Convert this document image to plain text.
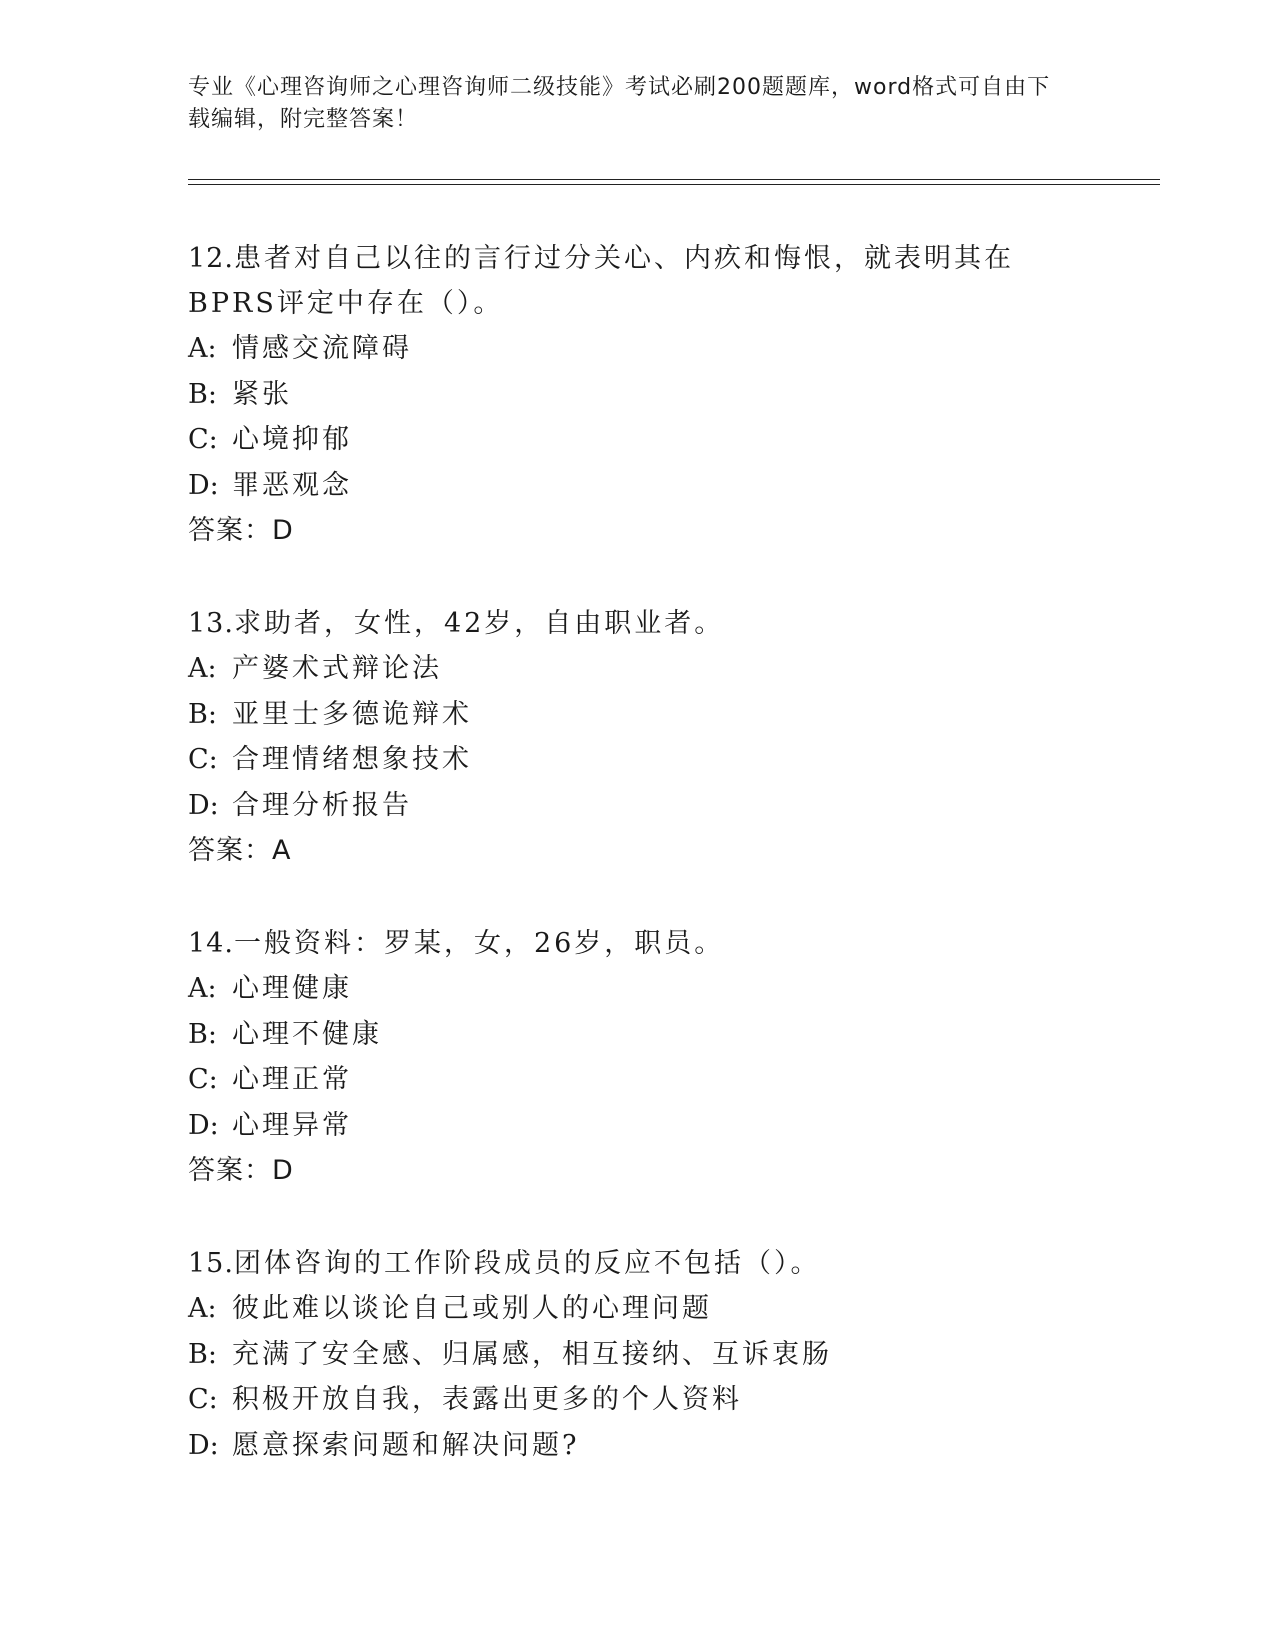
专业《心理咨询师之心理咨询师二级技能》考试必刷200题题库，word格式可自由下载编辑，附完整答案！

12.患者对自己以往的言行过分关心、内疚和悔恨，就表明其在BPRS评定中存在（）。

A: 情感交流障碍

B: 紧张

C: 心境抑郁

D: 罪恶观念

答案：D

13.求助者，女性，42岁，自由职业者。

A: 产婆术式辩论法

B: 亚里士多德诡辩术

C: 合理情绪想象技术

D: 合理分析报告

答案：A

14.一般资料：罗某，女，26岁，职员。

A: 心理健康

B: 心理不健康

C: 心理正常

D: 心理异常

答案：D

15.团体咨询的工作阶段成员的反应不包括（）。

A: 彼此难以谈论自己或别人的心理问题

B: 充满了安全感、归属感，相互接纳、互诉衷肠

C: 积极开放自我，表露出更多的个人资料

D: 愿意探索问题和解决问题?
